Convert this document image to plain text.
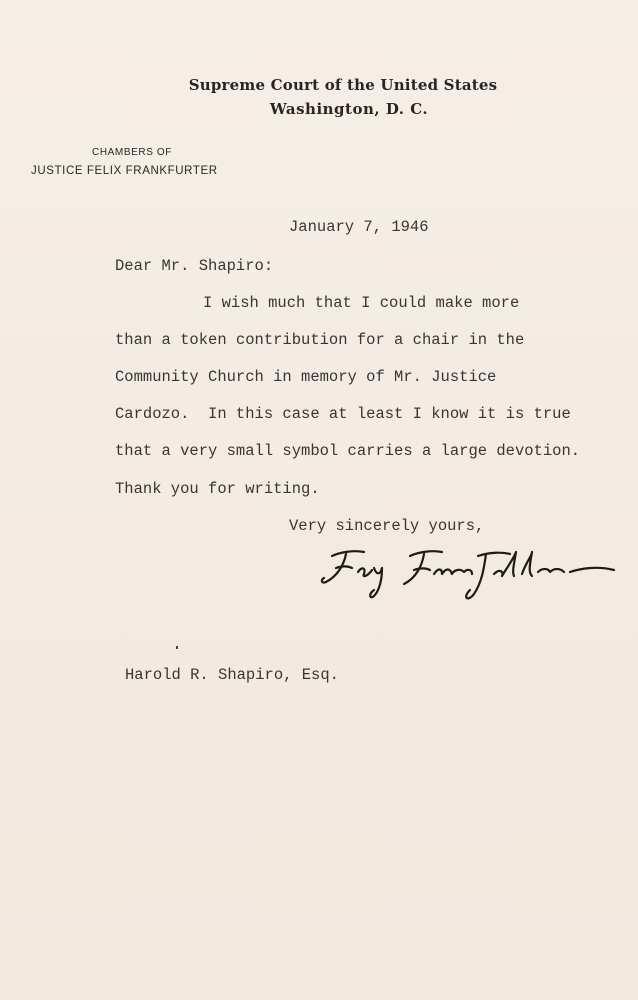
Supreme Court of the United States
Washington, D. C.
CHAMBERS OF
JUSTICE FELIX FRANKFURTER
January 7, 1946
Dear Mr. Shapiro:
I wish much that I could make more
than a token contribution for a chair in the
Community Church in memory of Mr. Justice
Cardozo.  In this case at least I know it is true
that a very small symbol carries a large devotion.
Thank you for writing.
Very sincerely yours,
Harold R. Shapiro, Esq.
